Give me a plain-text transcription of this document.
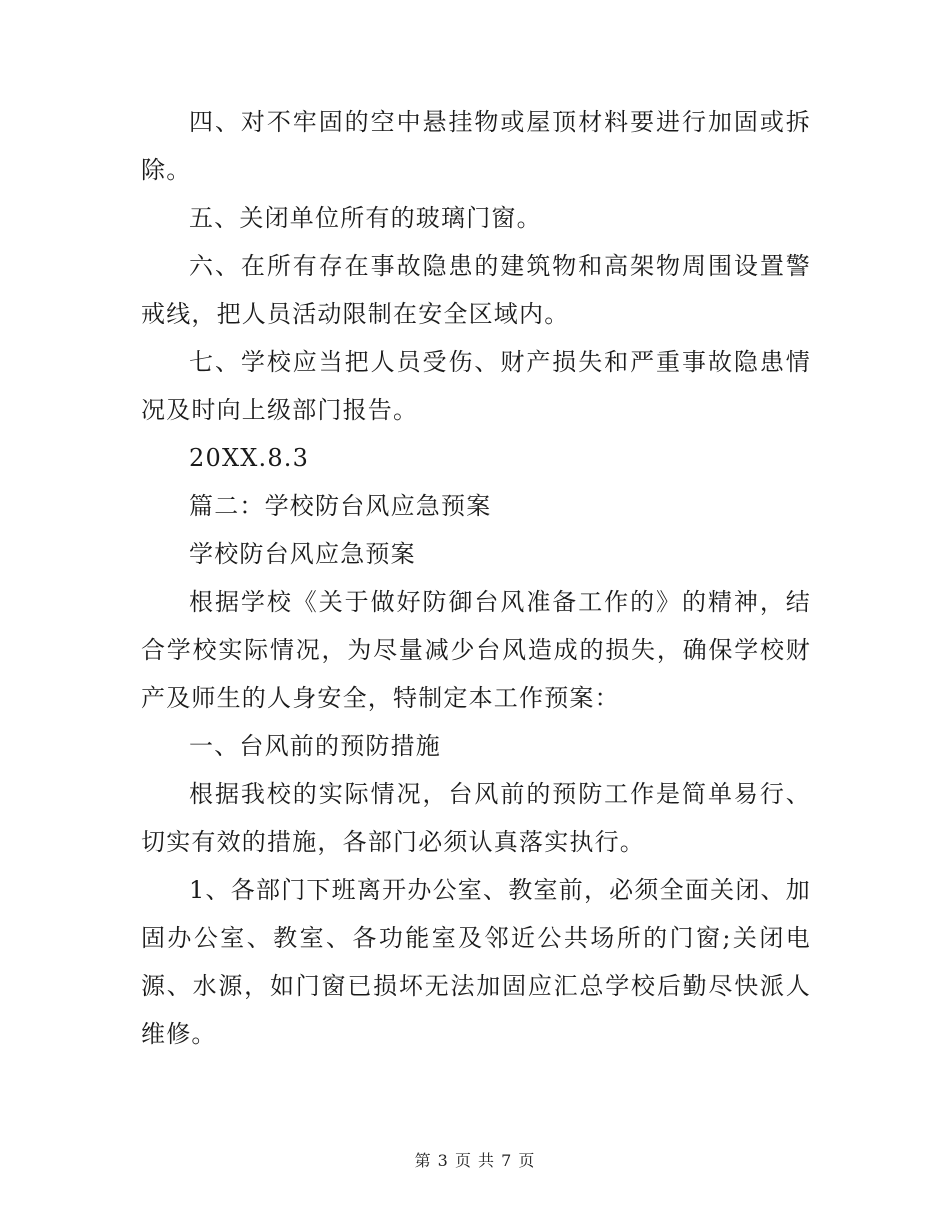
四、对不牢固的空中悬挂物或屋顶材料要进行加固或拆除。

五、关闭单位所有的玻璃门窗。

六、在所有存在事故隐患的建筑物和高架物周围设置警戒线，把人员活动限制在安全区域内。

七、学校应当把人员受伤、财产损失和严重事故隐患情况及时向上级部门报告。

20XX.8.3

篇二：学校防台风应急预案

学校防台风应急预案

根据学校《关于做好防御台风准备工作的》的精神，结合学校实际情况，为尽量减少台风造成的损失，确保学校财产及师生的人身安全，特制定本工作预案：

一、台风前的预防措施

根据我校的实际情况，台风前的预防工作是简单易行、切实有效的措施，各部门必须认真落实执行。

1、各部门下班离开办公室、教室前，必须全面关闭、加固办公室、教室、各功能室及邻近公共场所的门窗;关闭电源、水源，如门窗已损坏无法加固应汇总学校后勤尽快派人维修。

第 3 页 共 7 页
